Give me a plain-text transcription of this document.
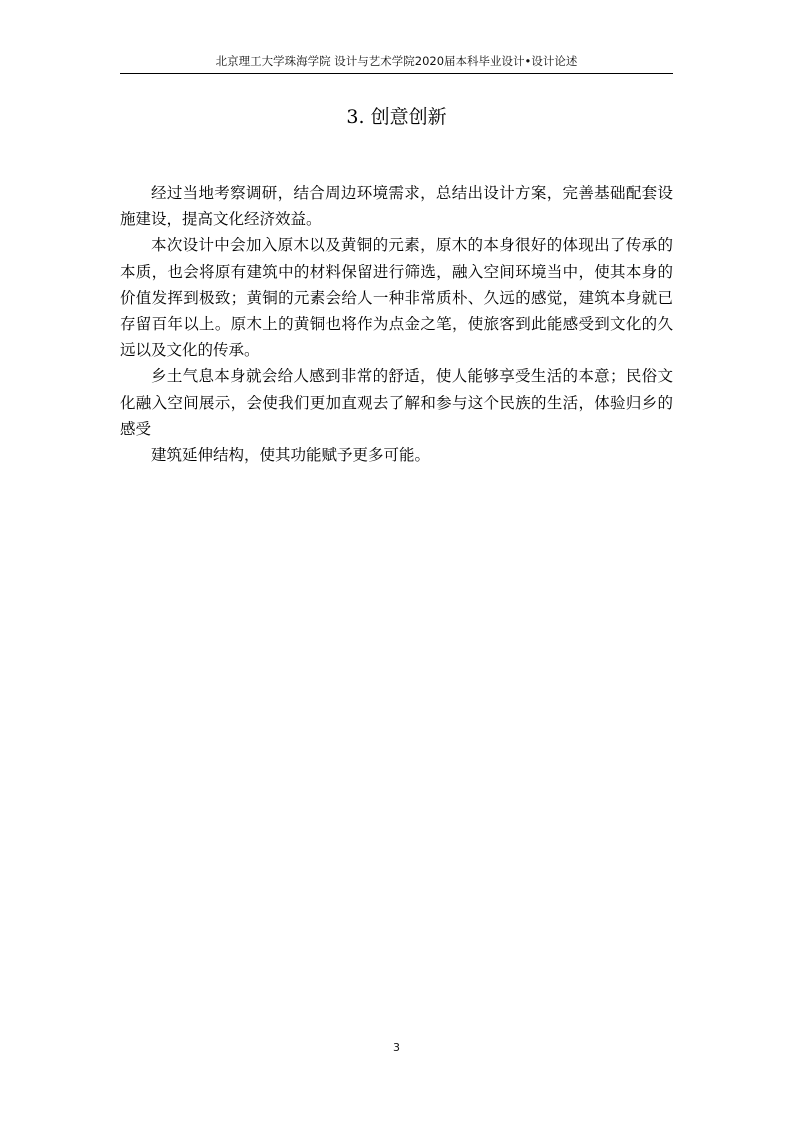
北京理工大学珠海学院 设计与艺术学院2020届本科毕业设计•设计论述
3. 创意创新

经过当地考察调研，结合周边环境需求，总结出设计方案，完善基础配套设施建设，提高文化经济效益。

本次设计中会加入原木以及黄铜的元素，原木的本身很好的体现出了传承的本质，也会将原有建筑中的材料保留进行筛选，融入空间环境当中，使其本身的价值发挥到极致；黄铜的元素会给人一种非常质朴、久远的感觉，建筑本身就已存留百年以上。原木上的黄铜也将作为点金之笔，使旅客到此能感受到文化的久远以及文化的传承。

乡土气息本身就会给人感到非常的舒适，使人能够享受生活的本意；民俗文化融入空间展示，会使我们更加直观去了解和参与这个民族的生活，体验归乡的感受

建筑延伸结构，使其功能赋予更多可能。

3
